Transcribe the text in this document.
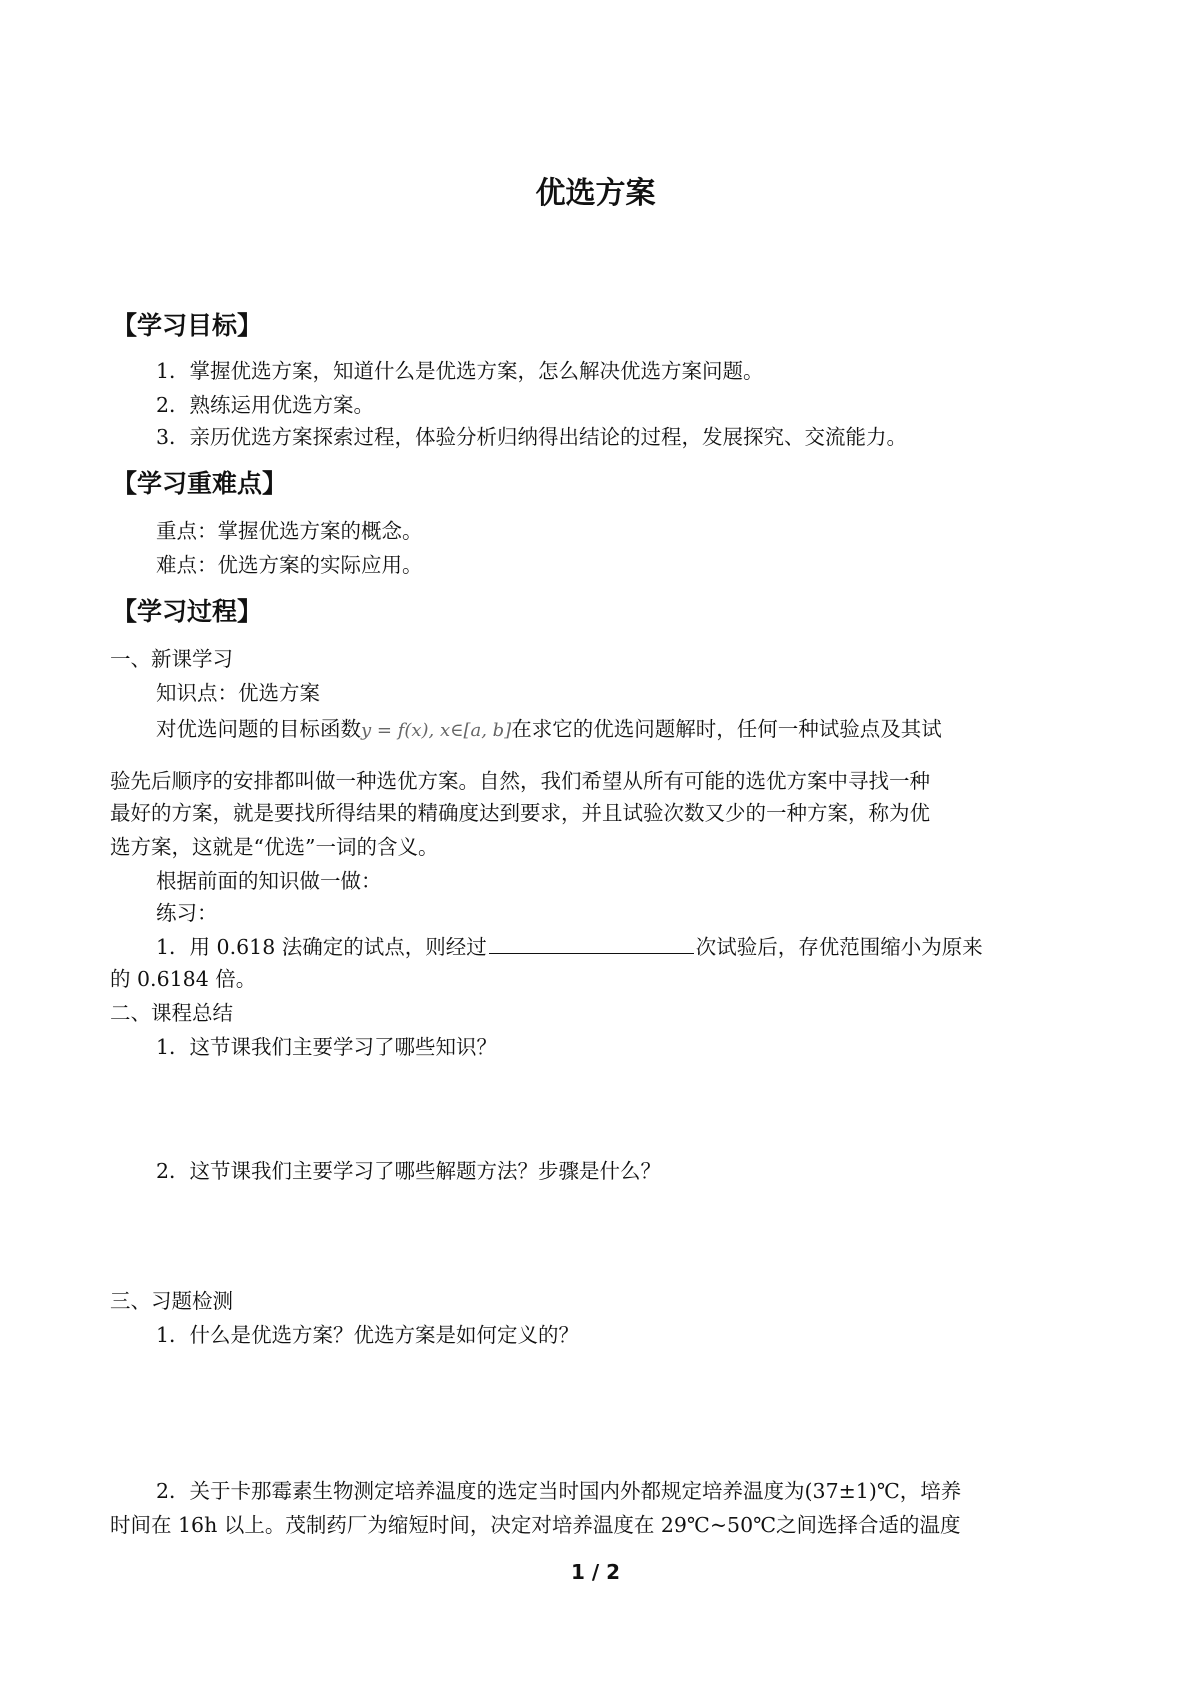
优选方案
【学习目标】
1．掌握优选方案，知道什么是优选方案，怎么解决优选方案问题。
2．熟练运用优选方案。
3．亲历优选方案探索过程，体验分析归纳得出结论的过程，发展探究、交流能力。
【学习重难点】
重点：掌握优选方案的概念。
难点：优选方案的实际应用。
【学习过程】
一、新课学习
知识点：优选方案
对优选问题的目标函数y = f(x), x∈[a, b]在求它的优选问题解时，任何一种试验点及其试
验先后顺序的安排都叫做一种选优方案。自然，我们希望从所有可能的选优方案中寻找一种
最好的方案，就是要找所得结果的精确度达到要求，并且试验次数又少的一种方案，称为优
选方案，这就是“优选”一词的含义。
根据前面的知识做一做：
练习：
1．用 0.618 法确定的试点，则经过	次试验后，存优范围缩小为原来
的 0.6184 倍。
二、课程总结
1．这节课我们主要学习了哪些知识？
2．这节课我们主要学习了哪些解题方法？步骤是什么？
三、习题检测
1．什么是优选方案？优选方案是如何定义的？
2．关于卡那霉素生物测定培养温度的选定当时国内外都规定培养温度为(37±1)℃，培养
时间在 16h 以上。茂制药厂为缩短时间，决定对培养温度在 29℃~50℃之间选择合适的温度
1 / 2
